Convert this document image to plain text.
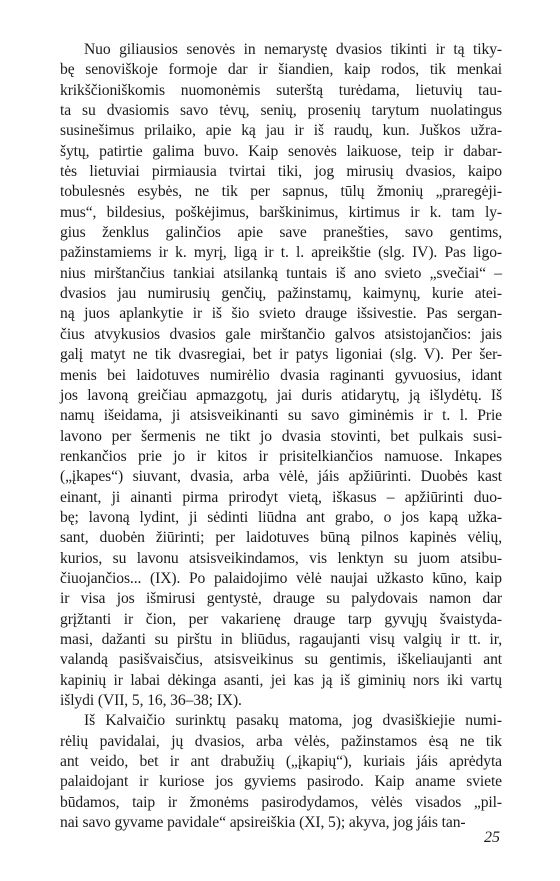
Nuo giliausios senovės in nemarystę dvasios tikinti ir tą tiky-
bę senoviškoje formoje dar ir šiandien, kaip rodos, tik menkai
krikščioniškomis nuomonėmis suterštą turėdama, lietuvių tau-
ta su dvasiomis savo tėvų, senių, prosenių tarytum nuolatingus
susinešimus prilaiko, apie ką jau ir iš raudų, kun. Juškos užra-
šytų, patirtie galima buvo. Kaip senovės laikuose, teip ir dabar-
tės lietuviai pirmiausia tvirtai tiki, jog mirusių dvasios, kaipo
tobulesnės esybės, ne tik per sapnus, tūlų žmonių „praregėji-
mus“, bildesius, poškėjimus, barškinimus, kirtimus ir k. tam ly-
gius ženklus galinčios apie save pranešties, savo gentims,
pažinstamiems ir k. myrį, ligą ir t. l. apreikštie (slg. IV). Pas ligo-
nius mirštančius tankiai atsilanką tuntais iš ano svieto „svečiai“ –
dvasios jau numirusių genčių, pažinstamų, kaimynų, kurie atei-
ną juos aplankytie ir iš šio svieto drauge išsivestie. Pas sergan-
čius atvykusios dvasios gale mirštančio galvos atsistojančios: jais
galį matyt ne tik dvasregiai, bet ir patys ligoniai (slg. V). Per šer-
menis bei laidotuves numirėlio dvasia raginanti gyvuosius, idant
jos lavoną greičiau apmazgotų, jai duris atidarytų, ją išlydėtų. Iš
namų išeidama, ji atsisveikinanti su savo giminėmis ir t. l. Prie
lavono per šermenis ne tikt jo dvasia stovinti, bet pulkais susi-
renkančios prie jo ir kitos ir prisitelkiančios namuose. Inkapes
(„įkapes“) siuvant, dvasia, arba vėlė, jáis apžiūrinti. Duobės kast
einant, ji ainanti pirma prirodyt vietą, iškasus – apžiūrinti duo-
bę; lavoną lydint, ji sėdinti liūdna ant grabo, o jos kapą užka-
sant, duobėn žiūrinti; per laidotuves būną pilnos kapinės vėlių,
kurios, su lavonu atsisveikindamos, vis lenktyn su juom atsibu-
čiuojančios... (IX). Po palaidojimo vėlė naujai užkasto kūno, kaip
ir visa jos išmirusi gentystė, drauge su palydovais namon dar
grįžtanti ir čion, per vakarienę drauge tarp gyvųjų švaistyda-
masi, dažanti su pirštu in bliūdus, ragaujanti visų valgių ir tt. ir,
valandą pasišvaisčius, atsisveikinus su gentimis, iškeliaujanti ant
kapinių ir labai dėkinga asanti, jei kas ją iš giminių nors iki vartų
išlydi (VII, 5, 16, 36–38; IX).

Iš Kalvaičio surinktų pasakų matoma, jog dvasiškiejie numi-
rėlių pavidalai, jų dvasios, arba vėlės, pažinstamos ėsą ne tik
ant veido, bet ir ant drabužių („įkapių“), kuriais jáis aprėdyta
palaidojant ir kuriose jos gyviems pasirodo. Kaip aname sviete
būdamos, taip ir žmonėms pasirodydamos, vėlės visados „pil-
nai savo gyvame pavidale“ apsireiškia (XI, 5); akyva, jog jáis tan-

25
